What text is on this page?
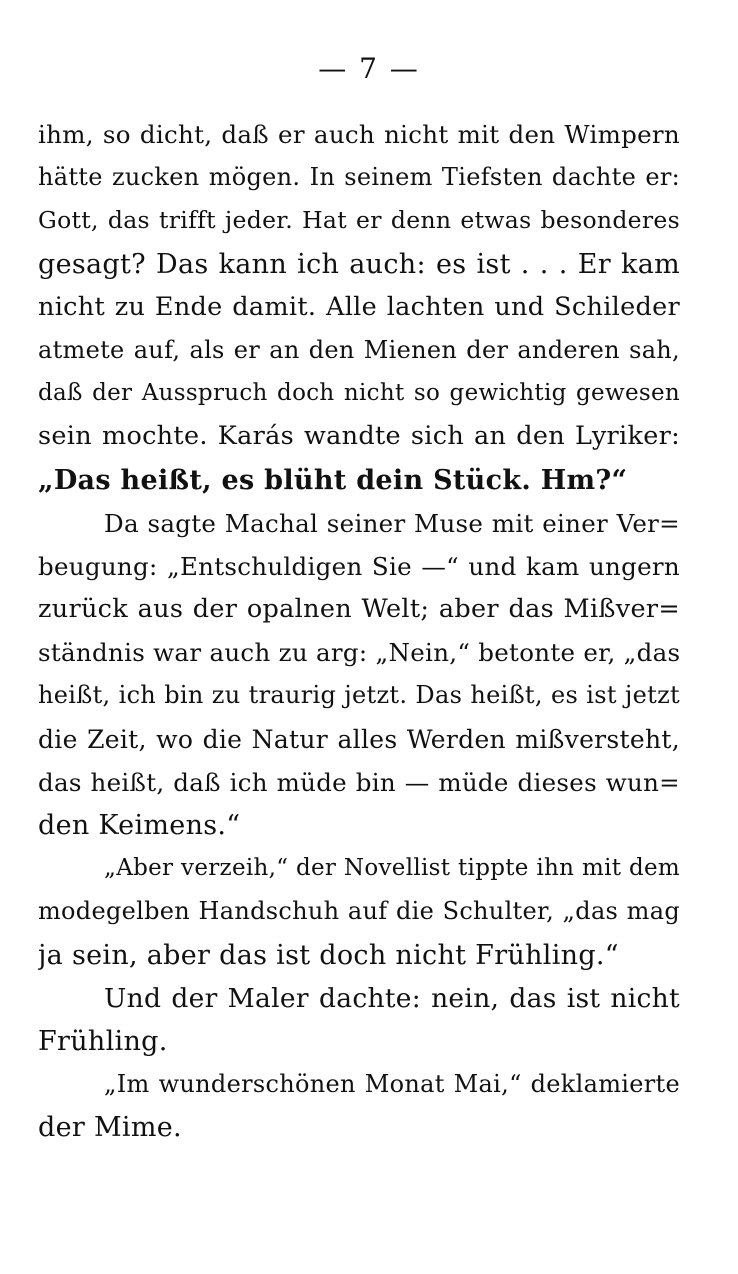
— 7 —
ihm, so dicht, daß er auch nicht mit den Wimpern
hätte zucken mögen. In seinem Tiefsten dachte er:
Gott, das trifft jeder. Hat er denn etwas besonderes
gesagt? Das kann ich auch: es ist . . . Er kam
nicht zu Ende damit. Alle lachten und Schileder
atmete auf, als er an den Mienen der anderen sah,
daß der Ausspruch doch nicht so gewichtig gewesen
sein mochte. Karás wandte sich an den Lyriker:
„Das heißt, es blüht dein Stück. Hm?“
Da sagte Machal seiner Muse mit einer Ver=
beugung: „Entschuldigen Sie —“ und kam ungern
zurück aus der opalnen Welt; aber das Mißver=
ständnis war auch zu arg: „Nein,“ betonte er, „das
heißt, ich bin zu traurig jetzt. Das heißt, es ist jetzt
die Zeit, wo die Natur alles Werden mißversteht,
das heißt, daß ich müde bin — müde dieses wun=
den Keimens.“
„Aber verzeih,“ der Novellist tippte ihn mit dem
modegelben Handschuh auf die Schulter, „das mag
ja sein, aber das ist doch nicht Frühling.“
Und der Maler dachte: nein, das ist nicht
Frühling.
„Im wunderschönen Monat Mai,“ deklamierte
der Mime.
